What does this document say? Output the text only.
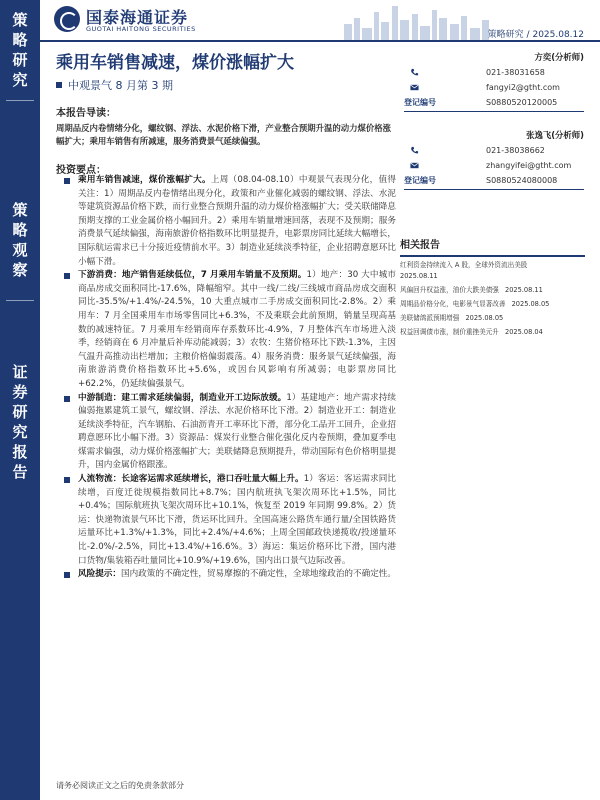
策
略
研
究
策
略
观
察
证
券
研
究
报
告
国泰海通证券
GUOTAI HAITONG SECURITIES
策略研究 / 2025.08.12
乘用车销售减速，煤价涨幅扩大
中观景气 8 月第 3 期
本报告导读：
周期品反内卷情绪分化，螺纹钢、浮法、水泥价格下滑，产业整合预期升温的动力煤价格涨幅扩大；乘用车销售有所减速，服务消费景气延续偏强。
投资要点：
乘用车销售减速，煤价涨幅扩大。上周（08.04-08.10）中观景气表现分化，值得关注：1）周期品反内卷情绪出现分化，政策和产业催化减弱的螺纹钢、浮法、水泥等建筑资源品价格下跌，而行业整合预期升温的动力煤价格涨幅扩大；受关联储降息预期支撑的工业金属价格小幅回升。2）乘用车销量增速回落，表现不及预期；服务消费景气延续偏强，海南旅游价格指数环比明显提升，电影票房同比延续大幅增长，国际航运需求已十分接近疫情前水平。3）制造业延续淡季特征，企业招聘意愿环比小幅下滑。
下游消费：地产销售延续低位，7 月乘用车销量不及预期。1）地产：30 大中城市商品房成交面积同比-17.6%，降幅缩窄。其中一线/二线/三线城市商品房成交面积同比-35.5%/+1.4%/-24.5%，10 大重点城市二手房成交面积同比-2.8%。2）乘用车：7 月全国乘用车市场零售同比+6.3%，不及乘联会此前预期，销量呈现高基数的减速特征。7 月乘用车经销商库存系数环比-4.9%，7 月整体汽车市场进入淡季，经销商在 6 月冲量后补库动能减弱；3）农牧：生猪价格环比下跌-1.3%，主因气温升高推动出栏增加；主粮价格偏弱震荡。4）服务消费：服务景气延续偏强，海南旅游消费价格指数环比+5.6%，或因台风影响有所减弱；电影票房同比+62.2%，仍延续偏强景气。
中游制造：建工需求延续偏弱，制造业开工边际放缓。1）基建地产：地产需求持续偏弱拖累建筑工景气，螺纹钢、浮法、水泥价格环比下滑。2）制造业开工：制造业延续淡季特征，汽车钢胎、石油沥青开工率环比下滑，部分化工品开工回升，企业招聘意愿环比小幅下滑。3）资源品：煤炭行业整合催化强化反内卷预期，叠加夏季电煤需求偏强，动力煤价格涨幅扩大；美联储降息预期提升，带动国际有色价格明显提升，国内金属价格跟涨。
人流物流：长途客运需求延续增长，港口吞吐量大幅上升。1）客运：客运需求同比续增，百度迁徙规模指数同比+8.7%；国内航班执飞架次周环比+1.5%，同比+0.4%；国际航班执飞架次周环比+10.1%，恢复至 2019 年同期 99.8%。2）货运：快递物流景气环比下滑，货运环比回升。全国高速公路货车通行量/全国铁路货运量环比+1.3%/+1.3%，同比+2.4%/+4.6%；上周全国邮政快递揽收/投递量环比-2.0%/-2.5%，同比+13.4%/+16.6%。3）海运：集运价格环比下滑，国内港口货物/集装箱吞吐量同比+10.9%/+19.6%，国内出口景气边际改善。
风险提示：国内政策的不确定性，贸易摩擦的不确定性，全球地缘政治的不确定性。
方奕(分析师)
021-38031658
fangyi2@gtht.com
登记编号	S0880520120005
张逸飞(分析师)
021-38038662
zhangyifei@gtht.com
登记编号	S0880524080008
相关报告
红利资金持续流入 A 股，全球外资流出美股
2025.08.11
风偏回升权益涨，油价大跌美债强 2025.08.11
周期品价格分化，电影景气显著改善 2025.08.05
美联储鸽派预期增强 2025.08.05
权益回调债市涨，制价重挫美元升 2025.08.04
请务必阅读正文之后的免责条款部分
